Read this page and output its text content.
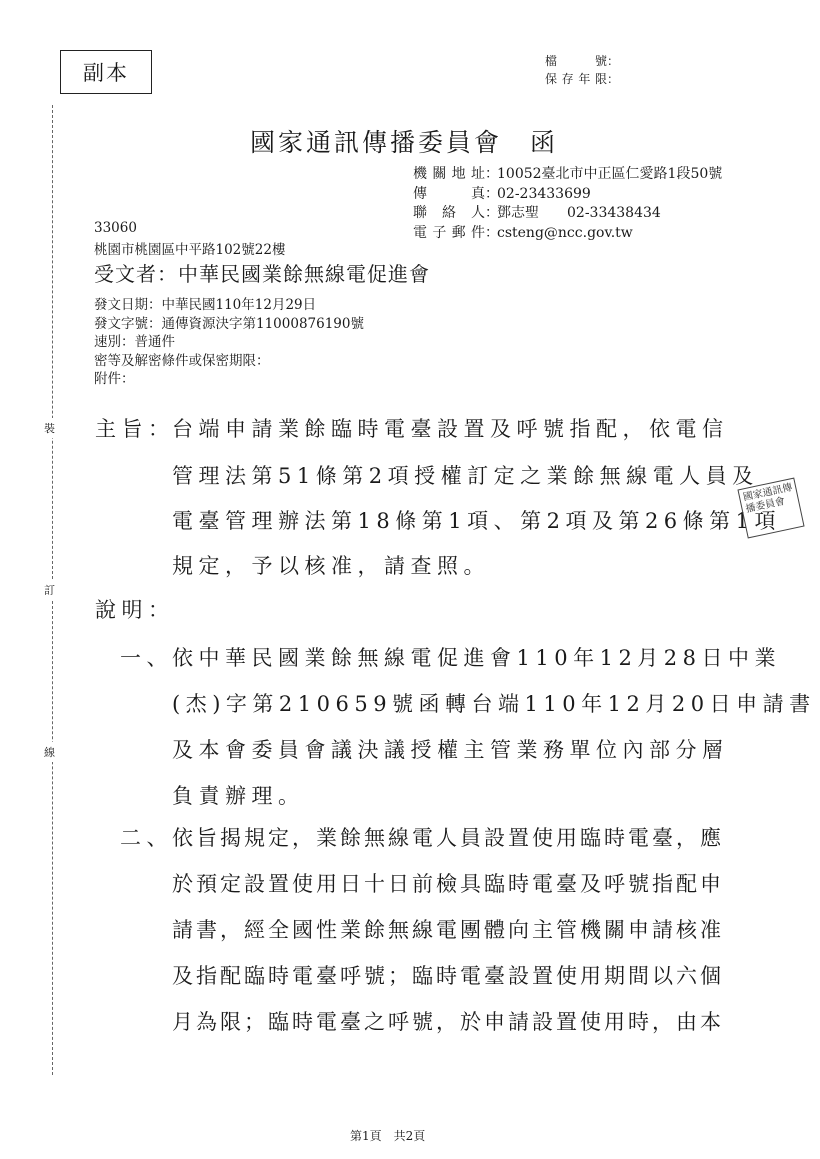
裝
訂
線
副本	檔號 ：
保存年限 ：
國家通訊傳播委員會　函
機關地址 ：
10052臺北市中正區仁愛路1段50號
傳真 ：
02-23433699
聯絡人 ：
鄧志聖　　02-33438434
電子郵件 ：
csteng@ncc.gov.tw
33060
桃園市桃園區中平路102號22樓
受文者：中華民國業餘無線電促進會
發文日期：中華民國110年12月29日
發文字號：通傳資源決字第11000876190號
速別：普通件
密等及解密條件或保密期限：
附件：
主旨：
台端申請業餘臨時電臺設置及呼號指配，依電信
管理法第51條第2項授權訂定之業餘無線電人員及
電臺管理辦法第18條第1項、第2項及第26條第1項
規定，予以核准，請查照。
說明：
一、 依中華民國業餘無線電促進會110年12月28日中業
(杰)字第210659號函轉台端110年12月20日申請書
及本會委員會議決議授權主管業務單位內部分層
負責辦理。
二、 依旨揭規定，業餘無線電人員設置使用臨時電臺，應
於預定設置使用日十日前檢具臨時電臺及呼號指配申
請書，經全國性業餘無線電團體向主管機關申請核准
及指配臨時電臺呼號；臨時電臺設置使用期間以六個
月為限；臨時電臺之呼號，於申請設置使用時，由本
國家通訊傳播委員會
第1頁　共2頁
